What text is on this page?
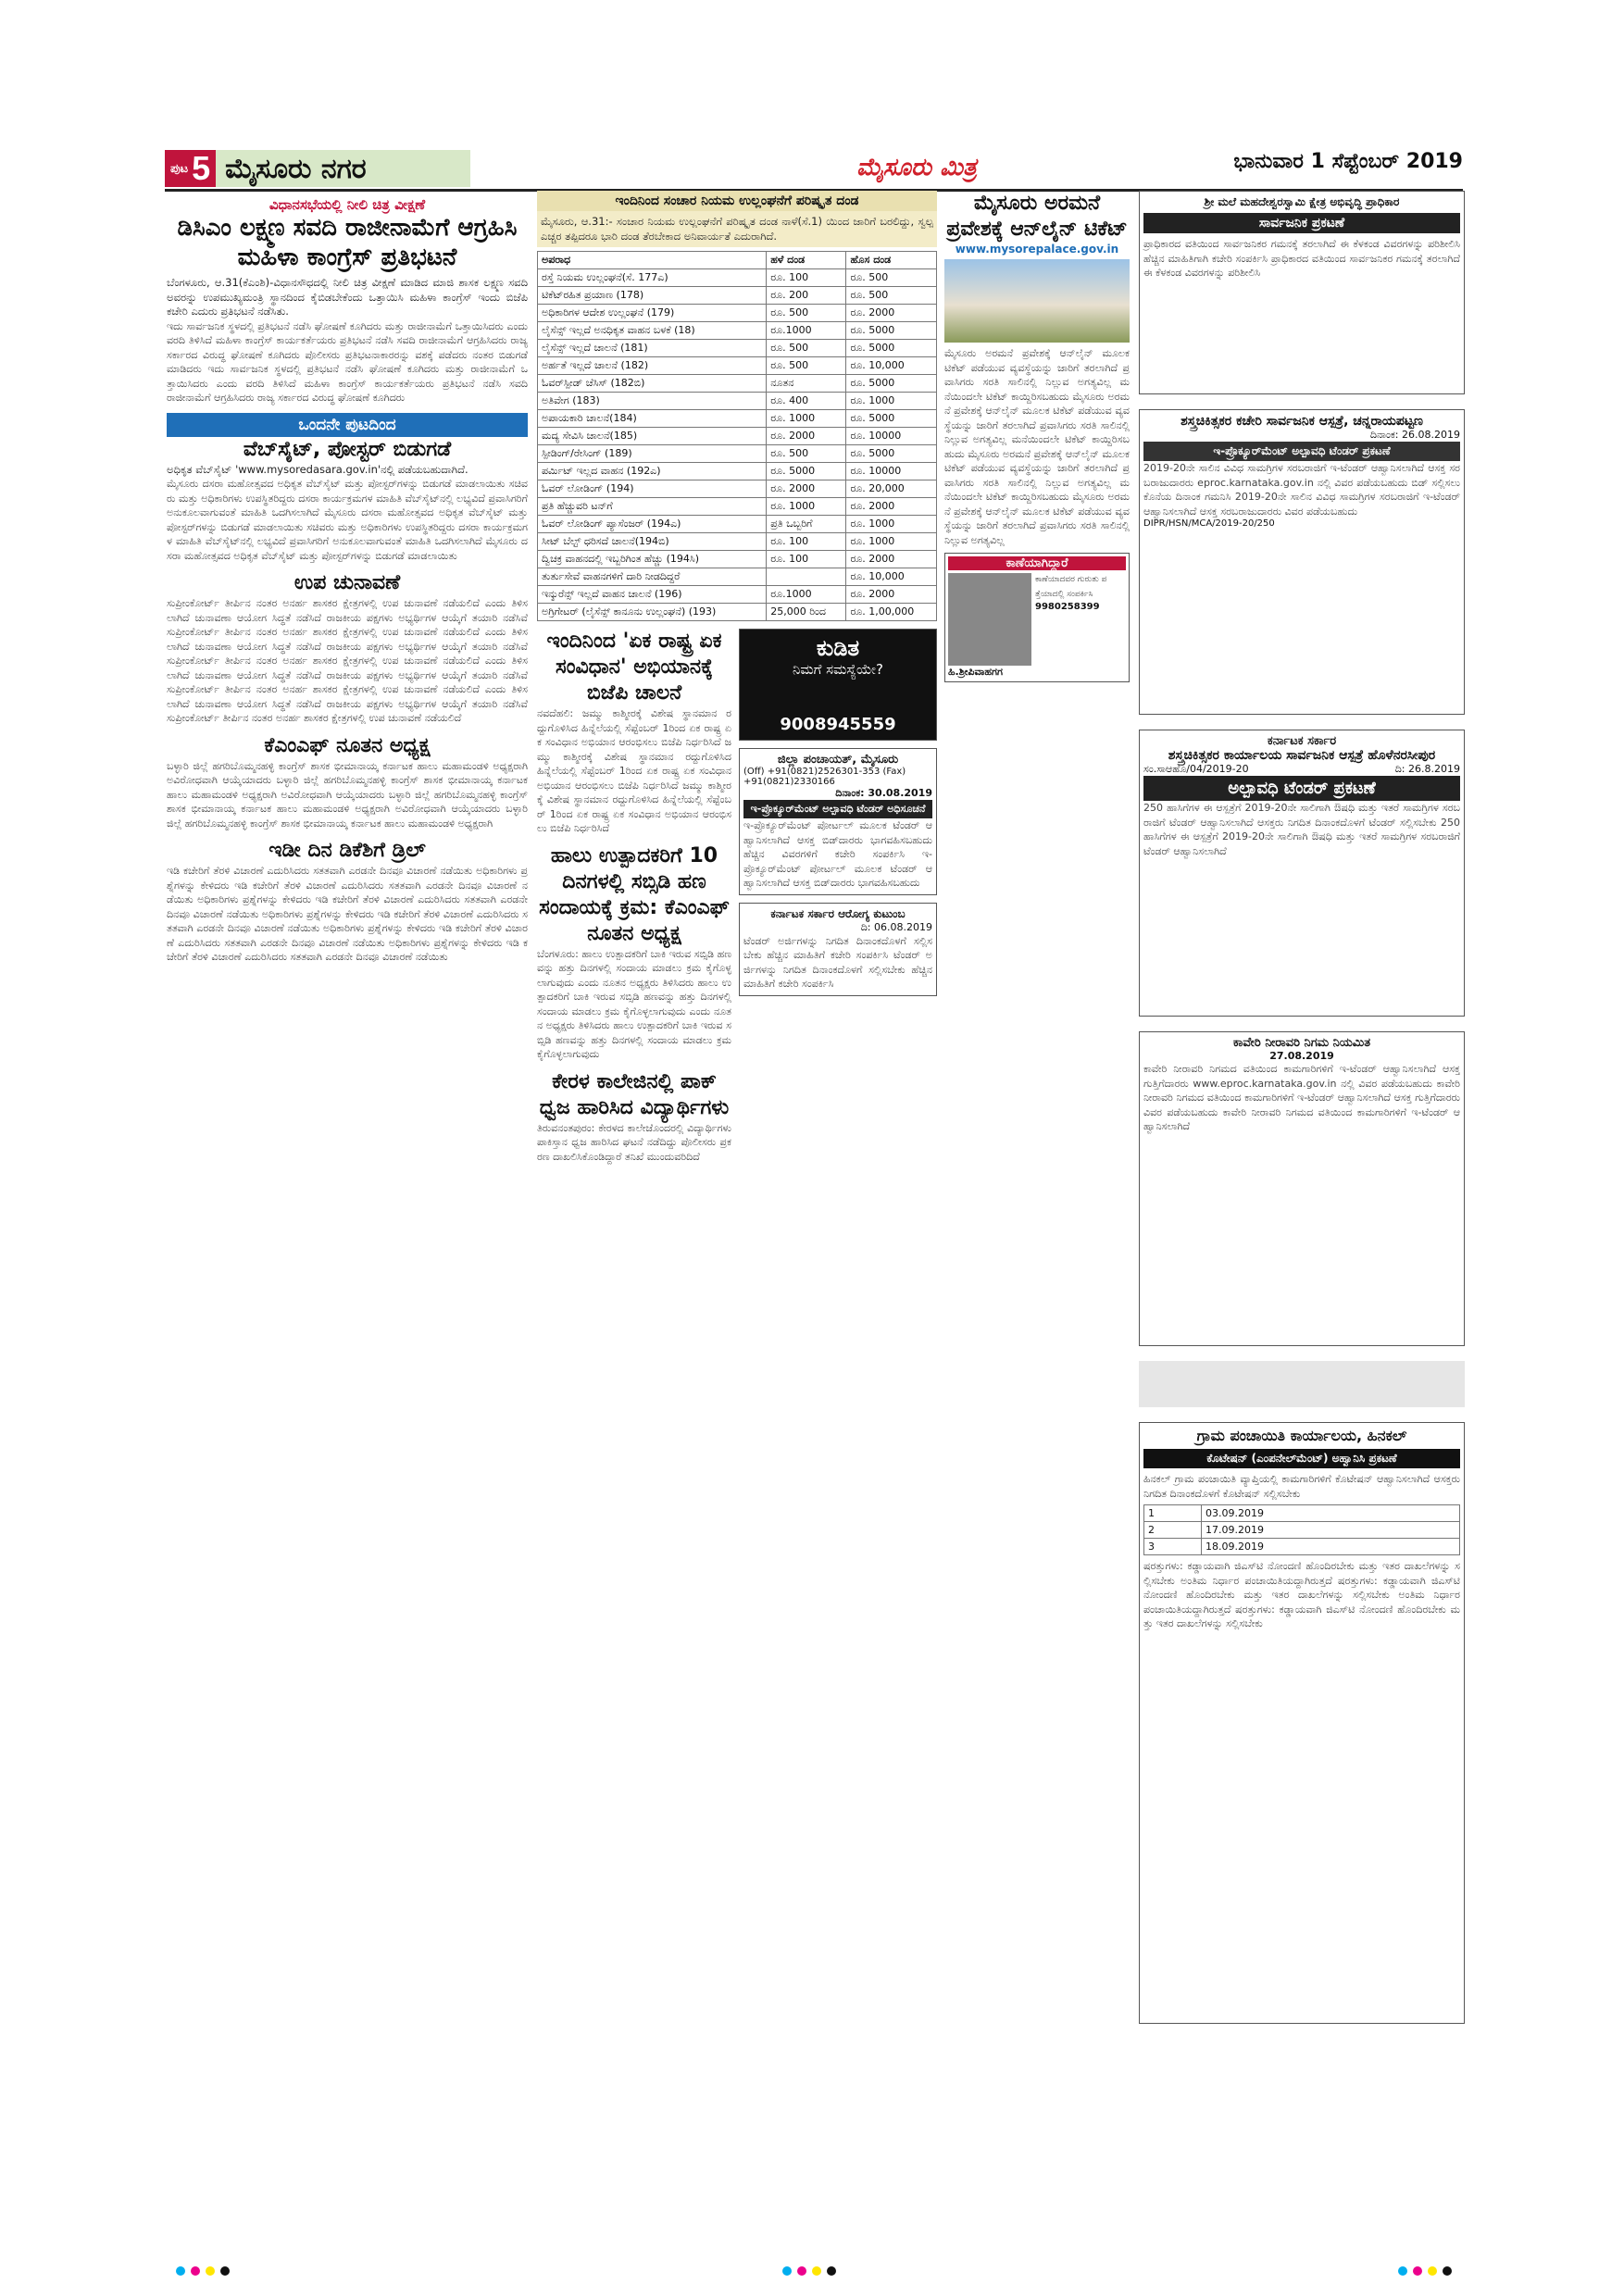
ಪುಟ 5 ಮೈಸೂರು ನಗರ	ಮೈಸೂರು ಮಿತ್ರ	ಭಾನುವಾರ 1 ಸೆಪ್ಟೆಂಬರ್ 2019
ವಿಧಾನಸಭೆಯಲ್ಲಿ ನೀಲಿ ಚಿತ್ರ ವೀಕ್ಷಣೆ
ಡಿಸಿಎಂ ಲಕ್ಷ್ಮಣ ಸವದಿ ರಾಜೀನಾಮೆಗೆ ಆಗ್ರಹಿಸಿ ಮಹಿಳಾ ಕಾಂಗ್ರೆಸ್ ಪ್ರತಿಭಟನೆ
ಬೆಂಗಳೂರು, ಆ.31(ಕೆಎಂಶಿ)-ವಿಧಾನಸೌಧದಲ್ಲಿ ನೀಲಿ ಚಿತ್ರ ವೀಕ್ಷಣೆ ಮಾಡಿದ ಮಾಜಿ ಶಾಸಕ ಲಕ್ಷ್ಮಣ ಸವದಿ ಅವರನ್ನು ಉಪಮುಖ್ಯಮಂತ್ರಿ ಸ್ಥಾನದಿಂದ ಕೈಬಿಡಬೇಕೆಂದು ಒತ್ತಾಯಿಸಿ ಮಹಿಳಾ ಕಾಂಗ್ರೆಸ್ ಇಂದು ಬಿಜೆಪಿ ಕಚೇರಿ ಎದುರು ಪ್ರತಿಭಟನೆ ನಡೆಸಿತು.
ಇದು ಸಾರ್ವಜನಿಕ ಸ್ಥಳದಲ್ಲಿ ಪ್ರತಿಭಟನೆ ನಡೆಸಿ ಘೋಷಣೆ ಕೂಗಿದರು ಮತ್ತು ರಾಜೀನಾಮೆಗೆ ಒತ್ತಾಯಿಸಿದರು ಎಂದು ವರದಿ ತಿಳಿಸಿದೆ ಮಹಿಳಾ ಕಾಂಗ್ರೆಸ್ ಕಾರ್ಯಕರ್ತೆಯರು ಪ್ರತಿಭಟನೆ ನಡೆಸಿ ಸವದಿ ರಾಜೀನಾಮೆಗೆ ಆಗ್ರಹಿಸಿದರು ರಾಜ್ಯ ಸರ್ಕಾರದ ವಿರುದ್ಧ ಘೋಷಣೆ ಕೂಗಿದರು ಪೊಲೀಸರು ಪ್ರತಿಭಟನಾಕಾರರನ್ನು ವಶಕ್ಕೆ ಪಡೆದರು ನಂತರ ಬಿಡುಗಡೆ ಮಾಡಿದರು ಇದು ಸಾರ್ವಜನಿಕ ಸ್ಥಳದಲ್ಲಿ ಪ್ರತಿಭಟನೆ ನಡೆಸಿ ಘೋಷಣೆ ಕೂಗಿದರು ಮತ್ತು ರಾಜೀನಾಮೆಗೆ ಒತ್ತಾಯಿಸಿದರು ಎಂದು ವರದಿ ತಿಳಿಸಿದೆ ಮಹಿಳಾ ಕಾಂಗ್ರೆಸ್ ಕಾರ್ಯಕರ್ತೆಯರು ಪ್ರತಿಭಟನೆ ನಡೆಸಿ ಸವದಿ ರಾಜೀನಾಮೆಗೆ ಆಗ್ರಹಿಸಿದರು ರಾಜ್ಯ ಸರ್ಕಾರದ ವಿರುದ್ಧ ಘೋಷಣೆ ಕೂಗಿದರು
ಒಂದನೇ ಪುಟದಿಂದ
ವೆಬ್‌ಸೈಟ್, ಪೋಸ್ಟರ್ ಬಿಡುಗಡೆ
ಅಧಿಕೃತ ವೆಬ್‌ಸೈಟ್ 'www.mysoredasara.gov.in'ನಲ್ಲಿ ಪಡೆಯಬಹುದಾಗಿದೆ.
ಮೈಸೂರು ದಸರಾ ಮಹೋತ್ಸವದ ಅಧಿಕೃತ ವೆಬ್‌ಸೈಟ್ ಮತ್ತು ಪೋಸ್ಟರ್‌ಗಳನ್ನು ಬಿಡುಗಡೆ ಮಾಡಲಾಯಿತು ಸಚಿವರು ಮತ್ತು ಅಧಿಕಾರಿಗಳು ಉಪಸ್ಥಿತರಿದ್ದರು ದಸರಾ ಕಾರ್ಯಕ್ರಮಗಳ ಮಾಹಿತಿ ವೆಬ್‌ಸೈಟ್‌ನಲ್ಲಿ ಲಭ್ಯವಿದೆ ಪ್ರವಾಸಿಗರಿಗೆ ಅನುಕೂಲವಾಗುವಂತೆ ಮಾಹಿತಿ ಒದಗಿಸಲಾಗಿದೆ ಮೈಸೂರು ದಸರಾ ಮಹೋತ್ಸವದ ಅಧಿಕೃತ ವೆಬ್‌ಸೈಟ್ ಮತ್ತು ಪೋಸ್ಟರ್‌ಗಳನ್ನು ಬಿಡುಗಡೆ ಮಾಡಲಾಯಿತು ಸಚಿವರು ಮತ್ತು ಅಧಿಕಾರಿಗಳು ಉಪಸ್ಥಿತರಿದ್ದರು ದಸರಾ ಕಾರ್ಯಕ್ರಮಗಳ ಮಾಹಿತಿ ವೆಬ್‌ಸೈಟ್‌ನಲ್ಲಿ ಲಭ್ಯವಿದೆ ಪ್ರವಾಸಿಗರಿಗೆ ಅನುಕೂಲವಾಗುವಂತೆ ಮಾಹಿತಿ ಒದಗಿಸಲಾಗಿದೆ ಮೈಸೂರು ದಸರಾ ಮಹೋತ್ಸವದ ಅಧಿಕೃತ ವೆಬ್‌ಸೈಟ್ ಮತ್ತು ಪೋಸ್ಟರ್‌ಗಳನ್ನು ಬಿಡುಗಡೆ ಮಾಡಲಾಯಿತು
ಉಪ ಚುನಾವಣೆ
ಸುಪ್ರೀಂಕೋರ್ಟ್ ತೀರ್ಪಿನ ನಂತರ ಅನರ್ಹ ಶಾಸಕರ ಕ್ಷೇತ್ರಗಳಲ್ಲಿ ಉಪ ಚುನಾವಣೆ ನಡೆಯಲಿದೆ ಎಂದು ತಿಳಿಸಲಾಗಿದೆ ಚುನಾವಣಾ ಆಯೋಗ ಸಿದ್ಧತೆ ನಡೆಸಿದೆ ರಾಜಕೀಯ ಪಕ್ಷಗಳು ಅಭ್ಯರ್ಥಿಗಳ ಆಯ್ಕೆಗೆ ತಯಾರಿ ನಡೆಸಿವೆ ಸುಪ್ರೀಂಕೋರ್ಟ್ ತೀರ್ಪಿನ ನಂತರ ಅನರ್ಹ ಶಾಸಕರ ಕ್ಷೇತ್ರಗಳಲ್ಲಿ ಉಪ ಚುನಾವಣೆ ನಡೆಯಲಿದೆ ಎಂದು ತಿಳಿಸಲಾಗಿದೆ ಚುನಾವಣಾ ಆಯೋಗ ಸಿದ್ಧತೆ ನಡೆಸಿದೆ ರಾಜಕೀಯ ಪಕ್ಷಗಳು ಅಭ್ಯರ್ಥಿಗಳ ಆಯ್ಕೆಗೆ ತಯಾರಿ ನಡೆಸಿವೆ ಸುಪ್ರೀಂಕೋರ್ಟ್ ತೀರ್ಪಿನ ನಂತರ ಅನರ್ಹ ಶಾಸಕರ ಕ್ಷೇತ್ರಗಳಲ್ಲಿ ಉಪ ಚುನಾವಣೆ ನಡೆಯಲಿದೆ ಎಂದು ತಿಳಿಸಲಾಗಿದೆ ಚುನಾವಣಾ ಆಯೋಗ ಸಿದ್ಧತೆ ನಡೆಸಿದೆ ರಾಜಕೀಯ ಪಕ್ಷಗಳು ಅಭ್ಯರ್ಥಿಗಳ ಆಯ್ಕೆಗೆ ತಯಾರಿ ನಡೆಸಿವೆ ಸುಪ್ರೀಂಕೋರ್ಟ್ ತೀರ್ಪಿನ ನಂತರ ಅನರ್ಹ ಶಾಸಕರ ಕ್ಷೇತ್ರಗಳಲ್ಲಿ ಉಪ ಚುನಾವಣೆ ನಡೆಯಲಿದೆ ಎಂದು ತಿಳಿಸಲಾಗಿದೆ ಚುನಾವಣಾ ಆಯೋಗ ಸಿದ್ಧತೆ ನಡೆಸಿದೆ ರಾಜಕೀಯ ಪಕ್ಷಗಳು ಅಭ್ಯರ್ಥಿಗಳ ಆಯ್ಕೆಗೆ ತಯಾರಿ ನಡೆಸಿವೆ ಸುಪ್ರೀಂಕೋರ್ಟ್ ತೀರ್ಪಿನ ನಂತರ ಅನರ್ಹ ಶಾಸಕರ ಕ್ಷೇತ್ರಗಳಲ್ಲಿ ಉಪ ಚುನಾವಣೆ ನಡೆಯಲಿದೆ
ಕೆಎಂಎಫ್ ನೂತನ ಅಧ್ಯಕ್ಷ
ಬಳ್ಳಾರಿ ಜಿಲ್ಲೆ ಹಗರಿಬೊಮ್ಮನಹಳ್ಳಿ ಕಾಂಗ್ರೆಸ್ ಶಾಸಕ ಭೀಮಾನಾಯ್ಕ ಕರ್ನಾಟಕ ಹಾಲು ಮಹಾಮಂಡಳಿ ಅಧ್ಯಕ್ಷರಾಗಿ ಅವಿರೋಧವಾಗಿ ಆಯ್ಕೆಯಾದರು ಬಳ್ಳಾರಿ ಜಿಲ್ಲೆ ಹಗರಿಬೊಮ್ಮನಹಳ್ಳಿ ಕಾಂಗ್ರೆಸ್ ಶಾಸಕ ಭೀಮಾನಾಯ್ಕ ಕರ್ನಾಟಕ ಹಾಲು ಮಹಾಮಂಡಳಿ ಅಧ್ಯಕ್ಷರಾಗಿ ಅವಿರೋಧವಾಗಿ ಆಯ್ಕೆಯಾದರು ಬಳ್ಳಾರಿ ಜಿಲ್ಲೆ ಹಗರಿಬೊಮ್ಮನಹಳ್ಳಿ ಕಾಂಗ್ರೆಸ್ ಶಾಸಕ ಭೀಮಾನಾಯ್ಕ ಕರ್ನಾಟಕ ಹಾಲು ಮಹಾಮಂಡಳಿ ಅಧ್ಯಕ್ಷರಾಗಿ ಅವಿರೋಧವಾಗಿ ಆಯ್ಕೆಯಾದರು ಬಳ್ಳಾರಿ ಜಿಲ್ಲೆ ಹಗರಿಬೊಮ್ಮನಹಳ್ಳಿ ಕಾಂಗ್ರೆಸ್ ಶಾಸಕ ಭೀಮಾನಾಯ್ಕ ಕರ್ನಾಟಕ ಹಾಲು ಮಹಾಮಂಡಳಿ ಅಧ್ಯಕ್ಷರಾಗಿ
ಇಡೀ ದಿನ ಡಿಕೆಶಿಗೆ ಡ್ರಿಲ್
ಇಡಿ ಕಚೇರಿಗೆ ತೆರಳಿ ವಿಚಾರಣೆ ಎದುರಿಸಿದರು ಸತತವಾಗಿ ಎರಡನೇ ದಿನವೂ ವಿಚಾರಣೆ ನಡೆಯಿತು ಅಧಿಕಾರಿಗಳು ಪ್ರಶ್ನೆಗಳನ್ನು ಕೇಳಿದರು ಇಡಿ ಕಚೇರಿಗೆ ತೆರಳಿ ವಿಚಾರಣೆ ಎದುರಿಸಿದರು ಸತತವಾಗಿ ಎರಡನೇ ದಿನವೂ ವಿಚಾರಣೆ ನಡೆಯಿತು ಅಧಿಕಾರಿಗಳು ಪ್ರಶ್ನೆಗಳನ್ನು ಕೇಳಿದರು ಇಡಿ ಕಚೇರಿಗೆ ತೆರಳಿ ವಿಚಾರಣೆ ಎದುರಿಸಿದರು ಸತತವಾಗಿ ಎರಡನೇ ದಿನವೂ ವಿಚಾರಣೆ ನಡೆಯಿತು ಅಧಿಕಾರಿಗಳು ಪ್ರಶ್ನೆಗಳನ್ನು ಕೇಳಿದರು ಇಡಿ ಕಚೇರಿಗೆ ತೆರಳಿ ವಿಚಾರಣೆ ಎದುರಿಸಿದರು ಸತತವಾಗಿ ಎರಡನೇ ದಿನವೂ ವಿಚಾರಣೆ ನಡೆಯಿತು ಅಧಿಕಾರಿಗಳು ಪ್ರಶ್ನೆಗಳನ್ನು ಕೇಳಿದರು ಇಡಿ ಕಚೇರಿಗೆ ತೆರಳಿ ವಿಚಾರಣೆ ಎದುರಿಸಿದರು ಸತತವಾಗಿ ಎರಡನೇ ದಿನವೂ ವಿಚಾರಣೆ ನಡೆಯಿತು ಅಧಿಕಾರಿಗಳು ಪ್ರಶ್ನೆಗಳನ್ನು ಕೇಳಿದರು ಇಡಿ ಕಚೇರಿಗೆ ತೆರಳಿ ವಿಚಾರಣೆ ಎದುರಿಸಿದರು ಸತತವಾಗಿ ಎರಡನೇ ದಿನವೂ ವಿಚಾರಣೆ ನಡೆಯಿತು
ಇಂದಿನಿಂದ ಸಂಚಾರ ನಿಯಮ ಉಲ್ಲಂಘನೆಗೆ ಪರಿಷ್ಕೃತ ದಂಡ
ಮೈಸೂರು, ಆ.31:- ಸಂಚಾರ ನಿಯಮ ಉಲ್ಲಂಘನೆಗೆ ಪರಿಷ್ಕೃತ ದಂಡ ನಾಳೆ(ಸೆ.1) ಯಿಂದ ಜಾರಿಗೆ ಬರಲಿದ್ದು, ಸ್ವಲ್ಪ ಎಚ್ಚರ ತಪ್ಪಿದರೂ ಭಾರಿ ದಂಡ ತೆರಬೇಕಾದ ಅನಿವಾರ್ಯತೆ ಎದುರಾಗಿದೆ.
ಅಪರಾಧ	ಹಳೆ ದಂಡ	ಹೊಸ ದಂಡ
ರಸ್ತೆ ನಿಯಮ ಉಲ್ಲಂಘನೆ(ಸೆ. 177ಎ)	ರೂ. 100	ರೂ. 500
ಟಿಕೆಟ್‌ರಹಿತ ಪ್ರಯಾಣ (178)	ರೂ. 200	ರೂ. 500
ಅಧಿಕಾರಿಗಳ ಆದೇಶ ಉಲ್ಲಂಘನೆ (179)	ರೂ. 500	ರೂ. 2000
ಲೈಸೆನ್ಸ್ ಇಲ್ಲದೆ ಅನಧಿಕೃತ ವಾಹನ ಬಳಕೆ (18)	ರೂ.1000	ರೂ. 5000
ಲೈಸೆನ್ಸ್ ಇಲ್ಲದೆ ಚಾಲನೆ (181)	ರೂ. 500	ರೂ. 5000
ಅರ್ಹತೆ ಇಲ್ಲದೆ ಚಾಲನೆ (182)	ರೂ. 500	ರೂ. 10,000
ಓವರ್‌ಸ್ಪೀಡ್ ಚೆಸಿಸ್ (182ಬಿ)	ನೂತನ	ರೂ. 5000
ಅತಿವೇಗ (183)	ರೂ. 400	ರೂ. 1000
ಅಪಾಯಕಾರಿ ಚಾಲನೆ(184)	ರೂ. 1000	ರೂ. 5000
ಮದ್ಯ ಸೇವಿಸಿ ಚಾಲನೆ(185)	ರೂ. 2000	ರೂ. 10000
ಸ್ಪೀಡಿಂಗ್/ರೇಸಿಂಗ್ (189)	ರೂ. 500	ರೂ. 5000
ಪರ್ಮಿಟ್ ಇಲ್ಲದ ವಾಹನ (192ಎ)	ರೂ. 5000	ರೂ. 10000
ಓವರ್ ಲೋಡಿಂಗ್ (194)	ರೂ. 2000	ರೂ. 20,000
ಪ್ರತಿ ಹೆಚ್ಚುವರಿ ಟನ್‌ಗೆ	ರೂ. 1000	ರೂ. 2000
ಓವರ್ ಲೋಡಿಂಗ್ ಪ್ಯಾಸೆಂಜರ್ (194ಎ)	ಪ್ರತಿ ಒಬ್ಬರಿಗೆ	ರೂ. 1000
ಸೀಟ್ ಬೆಲ್ಟ್ ಧರಿಸದೆ ಚಾಲನೆ(194ಬಿ)	ರೂ. 100	ರೂ. 1000
ದ್ವಿಚಕ್ರ ವಾಹನದಲ್ಲಿ ಇಬ್ಬರಿಗಿಂತ ಹೆಚ್ಚು (194ಸಿ)	ರೂ. 100	ರೂ. 2000
ತುರ್ತುಸೇವೆ ವಾಹನಗಳಿಗೆ ದಾರಿ ನೀಡದಿದ್ದರೆ		ರೂ. 10,000
ಇನ್ಶುರೆನ್ಸ್ ಇಲ್ಲದೆ ವಾಹನ ಚಾಲನೆ (196)	ರೂ.1000	ರೂ. 2000
ಅಗ್ರಿಗೇಟರ್ (ಲೈಸೆನ್ಸ್ ಕಾನೂನು ಉಲ್ಲಂಘನೆ) (193)	25,000 ರಿಂದ	ರೂ. 1,00,000
ಇಂದಿನಿಂದ 'ಏಕ ರಾಷ್ಟ್ರ ಏಕ ಸಂವಿಧಾನ' ಅಭಿಯಾನಕ್ಕೆ ಬಿಜೆಪಿ ಚಾಲನೆ
ನವದೆಹಲಿ: ಜಮ್ಮು ಕಾಶ್ಮೀರಕ್ಕೆ ವಿಶೇಷ ಸ್ಥಾನಮಾನ ರದ್ದುಗೊಳಿಸಿದ ಹಿನ್ನೆಲೆಯಲ್ಲಿ ಸೆಪ್ಟೆಂಬರ್ 1ರಿಂದ ಏಕ ರಾಷ್ಟ್ರ ಏಕ ಸಂವಿಧಾನ ಅಭಿಯಾನ ಆರಂಭಿಸಲು ಬಿಜೆಪಿ ನಿರ್ಧರಿಸಿದೆ ಜಮ್ಮು ಕಾಶ್ಮೀರಕ್ಕೆ ವಿಶೇಷ ಸ್ಥಾನಮಾನ ರದ್ದುಗೊಳಿಸಿದ ಹಿನ್ನೆಲೆಯಲ್ಲಿ ಸೆಪ್ಟೆಂಬರ್ 1ರಿಂದ ಏಕ ರಾಷ್ಟ್ರ ಏಕ ಸಂವಿಧಾನ ಅಭಿಯಾನ ಆರಂಭಿಸಲು ಬಿಜೆಪಿ ನಿರ್ಧರಿಸಿದೆ ಜಮ್ಮು ಕಾಶ್ಮೀರಕ್ಕೆ ವಿಶೇಷ ಸ್ಥಾನಮಾನ ರದ್ದುಗೊಳಿಸಿದ ಹಿನ್ನೆಲೆಯಲ್ಲಿ ಸೆಪ್ಟೆಂಬರ್ 1ರಿಂದ ಏಕ ರಾಷ್ಟ್ರ ಏಕ ಸಂವಿಧಾನ ಅಭಿಯಾನ ಆರಂಭಿಸಲು ಬಿಜೆಪಿ ನಿರ್ಧರಿಸಿದೆ
ಹಾಲು ಉತ್ಪಾದಕರಿಗೆ 10 ದಿನಗಳಲ್ಲಿ ಸಬ್ಸಿಡಿ ಹಣ ಸಂದಾಯಕ್ಕೆ ಕ್ರಮ: ಕೆಎಂಎಫ್ ನೂತನ ಅಧ್ಯಕ್ಷ
ಬೆಂಗಳೂರು: ಹಾಲು ಉತ್ಪಾದಕರಿಗೆ ಬಾಕಿ ಇರುವ ಸಬ್ಸಿಡಿ ಹಣವನ್ನು ಹತ್ತು ದಿನಗಳಲ್ಲಿ ಸಂದಾಯ ಮಾಡಲು ಕ್ರಮ ಕೈಗೊಳ್ಳಲಾಗುವುದು ಎಂದು ನೂತನ ಅಧ್ಯಕ್ಷರು ತಿಳಿಸಿದರು ಹಾಲು ಉತ್ಪಾದಕರಿಗೆ ಬಾಕಿ ಇರುವ ಸಬ್ಸಿಡಿ ಹಣವನ್ನು ಹತ್ತು ದಿನಗಳಲ್ಲಿ ಸಂದಾಯ ಮಾಡಲು ಕ್ರಮ ಕೈಗೊಳ್ಳಲಾಗುವುದು ಎಂದು ನೂತನ ಅಧ್ಯಕ್ಷರು ತಿಳಿಸಿದರು ಹಾಲು ಉತ್ಪಾದಕರಿಗೆ ಬಾಕಿ ಇರುವ ಸಬ್ಸಿಡಿ ಹಣವನ್ನು ಹತ್ತು ದಿನಗಳಲ್ಲಿ ಸಂದಾಯ ಮಾಡಲು ಕ್ರಮ ಕೈಗೊಳ್ಳಲಾಗುವುದು
ಕೇರಳ ಕಾಲೇಜಿನಲ್ಲಿ ಪಾಕ್ ಧ್ವಜ ಹಾರಿಸಿದ ವಿದ್ಯಾರ್ಥಿಗಳು
ತಿರುವನಂತಪುರಂ: ಕೇರಳದ ಕಾಲೇಜೊಂದರಲ್ಲಿ ವಿದ್ಯಾರ್ಥಿಗಳು ಪಾಕಿಸ್ತಾನ ಧ್ವಜ ಹಾರಿಸಿದ ಘಟನೆ ನಡೆದಿದ್ದು ಪೊಲೀಸರು ಪ್ರಕರಣ ದಾಖಲಿಸಿಕೊಂಡಿದ್ದಾರೆ ತನಿಖೆ ಮುಂದುವರಿದಿದೆ
ಕುಡಿತ
ನಿಮಗೆ ಸಮಸ್ಯೆಯೇ?
9008945559
ಜಿಲ್ಲಾ ಪಂಚಾಯತ್, ಮೈಸೂರು
(Off) +91(0821)2526301-353 (Fax) +91(0821)2330166
ದಿನಾಂಕ: 30.08.2019
ಇ-ಪ್ರೊಕ್ಯೂರ್‌ಮೆಂಟ್ ಅಲ್ಪಾವಧಿ ಟೆಂಡರ್ ಅಧಿಸೂಚನೆ
ಇ-ಪ್ರೊಕ್ಯೂರ್‌ಮೆಂಟ್ ಪೋರ್ಟಲ್ ಮೂಲಕ ಟೆಂಡರ್ ಆಹ್ವಾನಿಸಲಾಗಿದೆ ಆಸಕ್ತ ಬಿಡ್‌ದಾರರು ಭಾಗವಹಿಸಬಹುದು ಹೆಚ್ಚಿನ ವಿವರಗಳಿಗೆ ಕಚೇರಿ ಸಂಪರ್ಕಿಸಿ ಇ-ಪ್ರೊಕ್ಯೂರ್‌ಮೆಂಟ್ ಪೋರ್ಟಲ್ ಮೂಲಕ ಟೆಂಡರ್ ಆಹ್ವಾನಿಸಲಾಗಿದೆ ಆಸಕ್ತ ಬಿಡ್‌ದಾರರು ಭಾಗವಹಿಸಬಹುದು
ಕರ್ನಾಟಕ ಸರ್ಕಾರ ಆರೋಗ್ಯ ಕುಟುಂಬ
ದಿ: 06.08.2019
ಟೆಂಡರ್ ಅರ್ಜಿಗಳನ್ನು ನಿಗದಿತ ದಿನಾಂಕದೊಳಗೆ ಸಲ್ಲಿಸಬೇಕು ಹೆಚ್ಚಿನ ಮಾಹಿತಿಗೆ ಕಚೇರಿ ಸಂಪರ್ಕಿಸಿ ಟೆಂಡರ್ ಅರ್ಜಿಗಳನ್ನು ನಿಗದಿತ ದಿನಾಂಕದೊಳಗೆ ಸಲ್ಲಿಸಬೇಕು ಹೆಚ್ಚಿನ ಮಾಹಿತಿಗೆ ಕಚೇರಿ ಸಂಪರ್ಕಿಸಿ
ಮೈಸೂರು ಅರಮನೆ ಪ್ರವೇಶಕ್ಕೆ ಆನ್‌ಲೈನ್ ಟಿಕೆಟ್
www.mysorepalace.gov.in
ಮೈಸೂರು ಅರಮನೆ ಪ್ರವೇಶಕ್ಕೆ ಆನ್‌ಲೈನ್ ಮೂಲಕ ಟಿಕೆಟ್ ಪಡೆಯುವ ವ್ಯವಸ್ಥೆಯನ್ನು ಜಾರಿಗೆ ತರಲಾಗಿದೆ ಪ್ರವಾಸಿಗರು ಸರತಿ ಸಾಲಿನಲ್ಲಿ ನಿಲ್ಲುವ ಅಗತ್ಯವಿಲ್ಲ ಮನೆಯಿಂದಲೇ ಟಿಕೆಟ್ ಕಾಯ್ದಿರಿಸಬಹುದು ಮೈಸೂರು ಅರಮನೆ ಪ್ರವೇಶಕ್ಕೆ ಆನ್‌ಲೈನ್ ಮೂಲಕ ಟಿಕೆಟ್ ಪಡೆಯುವ ವ್ಯವಸ್ಥೆಯನ್ನು ಜಾರಿಗೆ ತರಲಾಗಿದೆ ಪ್ರವಾಸಿಗರು ಸರತಿ ಸಾಲಿನಲ್ಲಿ ನಿಲ್ಲುವ ಅಗತ್ಯವಿಲ್ಲ ಮನೆಯಿಂದಲೇ ಟಿಕೆಟ್ ಕಾಯ್ದಿರಿಸಬಹುದು ಮೈಸೂರು ಅರಮನೆ ಪ್ರವೇಶಕ್ಕೆ ಆನ್‌ಲೈನ್ ಮೂಲಕ ಟಿಕೆಟ್ ಪಡೆಯುವ ವ್ಯವಸ್ಥೆಯನ್ನು ಜಾರಿಗೆ ತರಲಾಗಿದೆ ಪ್ರವಾಸಿಗರು ಸರತಿ ಸಾಲಿನಲ್ಲಿ ನಿಲ್ಲುವ ಅಗತ್ಯವಿಲ್ಲ ಮನೆಯಿಂದಲೇ ಟಿಕೆಟ್ ಕಾಯ್ದಿರಿಸಬಹುದು ಮೈಸೂರು ಅರಮನೆ ಪ್ರವೇಶಕ್ಕೆ ಆನ್‌ಲೈನ್ ಮೂಲಕ ಟಿಕೆಟ್ ಪಡೆಯುವ ವ್ಯವಸ್ಥೆಯನ್ನು ಜಾರಿಗೆ ತರಲಾಗಿದೆ ಪ್ರವಾಸಿಗರು ಸರತಿ ಸಾಲಿನಲ್ಲಿ ನಿಲ್ಲುವ ಅಗತ್ಯವಿಲ್ಲ
ಕಾಣೆಯಾಗಿದ್ದಾರೆ
ಕಾಣೆಯಾದವರ ಗುರುತು ಪತ್ತೆಯಾದಲ್ಲಿ ಸಂಪರ್ಕಿಸಿ
9980258399
ಹಿ.ಶ್ರೀಪಿವಾಹಗಗ
ಶ್ರೀ ಮಲೆ ಮಹದೇಶ್ವರಸ್ವಾಮಿ ಕ್ಷೇತ್ರ ಅಭಿವೃದ್ಧಿ ಪ್ರಾಧಿಕಾರ
ಸಾರ್ವಜನಿಕ ಪ್ರಕಟಣೆ
ಪ್ರಾಧಿಕಾರದ ವತಿಯಿಂದ ಸಾರ್ವಜನಿಕರ ಗಮನಕ್ಕೆ ತರಲಾಗಿದೆ ಈ ಕೆಳಕಂಡ ವಿವರಗಳನ್ನು ಪರಿಶೀಲಿಸಿ ಹೆಚ್ಚಿನ ಮಾಹಿತಿಗಾಗಿ ಕಚೇರಿ ಸಂಪರ್ಕಿಸಿ ಪ್ರಾಧಿಕಾರದ ವತಿಯಿಂದ ಸಾರ್ವಜನಿಕರ ಗಮನಕ್ಕೆ ತರಲಾಗಿದೆ ಈ ಕೆಳಕಂಡ ವಿವರಗಳನ್ನು ಪರಿಶೀಲಿಸಿ
ಶಸ್ತ್ರಚಿಕಿತ್ಸಕರ ಕಚೇರಿ ಸಾರ್ವಜನಿಕ ಆಸ್ಪತ್ರೆ, ಚನ್ನರಾಯಪಟ್ಟಣ
ದಿನಾಂಕ: 26.08.2019
ಇ-ಪ್ರೊಕ್ಯೂರ್‌ಮೆಂಟ್ ಅಲ್ಪಾವಧಿ ಟೆಂಡರ್ ಪ್ರಕಟಣೆ
2019-20ನೇ ಸಾಲಿನ ವಿವಿಧ ಸಾಮಗ್ರಿಗಳ ಸರಬರಾಜಿಗೆ ಇ-ಟೆಂಡರ್ ಆಹ್ವಾನಿಸಲಾಗಿದೆ ಆಸಕ್ತ ಸರಬರಾಜುದಾರರು eproc.karnataka.gov.in ನಲ್ಲಿ ವಿವರ ಪಡೆಯಬಹುದು ಬಿಡ್ ಸಲ್ಲಿಸಲು ಕೊನೆಯ ದಿನಾಂಕ ಗಮನಿಸಿ 2019-20ನೇ ಸಾಲಿನ ವಿವಿಧ ಸಾಮಗ್ರಿಗಳ ಸರಬರಾಜಿಗೆ ಇ-ಟೆಂಡರ್ ಆಹ್ವಾನಿಸಲಾಗಿದೆ ಆಸಕ್ತ ಸರಬರಾಜುದಾರರು ವಿವರ ಪಡೆಯಬಹುದು
DIPR/HSN/MCA/2019-20/250
ಕರ್ನಾಟಕ ಸರ್ಕಾರ
ಶಸ್ತ್ರಚಿಕಿತ್ಸಕರ ಕಾರ್ಯಾಲಯ ಸಾರ್ವಜನಿಕ ಆಸ್ಪತ್ರೆ ಹೊಳೆನರಸೀಪುರ
ಸಂ.ಸಾಆಹೊ/04/2019-20	ದಿ: 26.8.2019
ಅಲ್ಪಾವಧಿ ಟೆಂಡರ್ ಪ್ರಕಟಣೆ
250 ಹಾಸಿಗೆಗಳ ಈ ಆಸ್ಪತ್ರೆಗೆ 2019-20ನೇ ಸಾಲಿಗಾಗಿ ಔಷಧಿ ಮತ್ತು ಇತರೆ ಸಾಮಗ್ರಿಗಳ ಸರಬರಾಜಿಗೆ ಟೆಂಡರ್ ಆಹ್ವಾನಿಸಲಾಗಿದೆ ಆಸಕ್ತರು ನಿಗದಿತ ದಿನಾಂಕದೊಳಗೆ ಟೆಂಡರ್ ಸಲ್ಲಿಸಬೇಕು 250 ಹಾಸಿಗೆಗಳ ಈ ಆಸ್ಪತ್ರೆಗೆ 2019-20ನೇ ಸಾಲಿಗಾಗಿ ಔಷಧಿ ಮತ್ತು ಇತರೆ ಸಾಮಗ್ರಿಗಳ ಸರಬರಾಜಿಗೆ ಟೆಂಡರ್ ಆಹ್ವಾನಿಸಲಾಗಿದೆ
ಕಾವೇರಿ ನೀರಾವರಿ ನಿಗಮ ನಿಯಮಿತ
27.08.2019
ಕಾವೇರಿ ನೀರಾವರಿ ನಿಗಮದ ವತಿಯಿಂದ ಕಾಮಗಾರಿಗಳಿಗೆ ಇ-ಟೆಂಡರ್ ಆಹ್ವಾನಿಸಲಾಗಿದೆ ಆಸಕ್ತ ಗುತ್ತಿಗೆದಾರರು www.eproc.karnataka.gov.in ನಲ್ಲಿ ವಿವರ ಪಡೆಯಬಹುದು ಕಾವೇರಿ ನೀರಾವರಿ ನಿಗಮದ ವತಿಯಿಂದ ಕಾಮಗಾರಿಗಳಿಗೆ ಇ-ಟೆಂಡರ್ ಆಹ್ವಾನಿಸಲಾಗಿದೆ ಆಸಕ್ತ ಗುತ್ತಿಗೆದಾರರು ವಿವರ ಪಡೆಯಬಹುದು ಕಾವೇರಿ ನೀರಾವರಿ ನಿಗಮದ ವತಿಯಿಂದ ಕಾಮಗಾರಿಗಳಿಗೆ ಇ-ಟೆಂಡರ್ ಆಹ್ವಾನಿಸಲಾಗಿದೆ
ಗ್ರಾಮ ಪಂಚಾಯಿತಿ ಕಾರ್ಯಾಲಯ, ಹಿನಕಲ್
ಕೊಟೇಷನ್ (ಎಂಪನೇಲ್‌ಮೆಂಟ್) ಅಹ್ವಾನಿಸಿ ಪ್ರಕಟಣೆ
ಹಿನಕಲ್ ಗ್ರಾಮ ಪಂಚಾಯಿತಿ ವ್ಯಾಪ್ತಿಯಲ್ಲಿ ಕಾಮಗಾರಿಗಳಿಗೆ ಕೊಟೇಷನ್ ಆಹ್ವಾನಿಸಲಾಗಿದೆ ಆಸಕ್ತರು ನಿಗದಿತ ದಿನಾಂಕದೊಳಗೆ ಕೊಟೇಷನ್ ಸಲ್ಲಿಸಬೇಕು
1	03.09.2019
2	17.09.2019
3	18.09.2019
ಷರತ್ತುಗಳು: ಕಡ್ಡಾಯವಾಗಿ ಜಿಎಸ್‌ಟಿ ನೋಂದಣಿ ಹೊಂದಿರಬೇಕು ಮತ್ತು ಇತರ ದಾಖಲೆಗಳನ್ನು ಸಲ್ಲಿಸಬೇಕು ಅಂತಿಮ ನಿರ್ಧಾರ ಪಂಚಾಯಿತಿಯದ್ದಾಗಿರುತ್ತದೆ ಷರತ್ತುಗಳು: ಕಡ್ಡಾಯವಾಗಿ ಜಿಎಸ್‌ಟಿ ನೋಂದಣಿ ಹೊಂದಿರಬೇಕು ಮತ್ತು ಇತರ ದಾಖಲೆಗಳನ್ನು ಸಲ್ಲಿಸಬೇಕು ಅಂತಿಮ ನಿರ್ಧಾರ ಪಂಚಾಯಿತಿಯದ್ದಾಗಿರುತ್ತದೆ ಷರತ್ತುಗಳು: ಕಡ್ಡಾಯವಾಗಿ ಜಿಎಸ್‌ಟಿ ನೋಂದಣಿ ಹೊಂದಿರಬೇಕು ಮತ್ತು ಇತರ ದಾಖಲೆಗಳನ್ನು ಸಲ್ಲಿಸಬೇಕು
